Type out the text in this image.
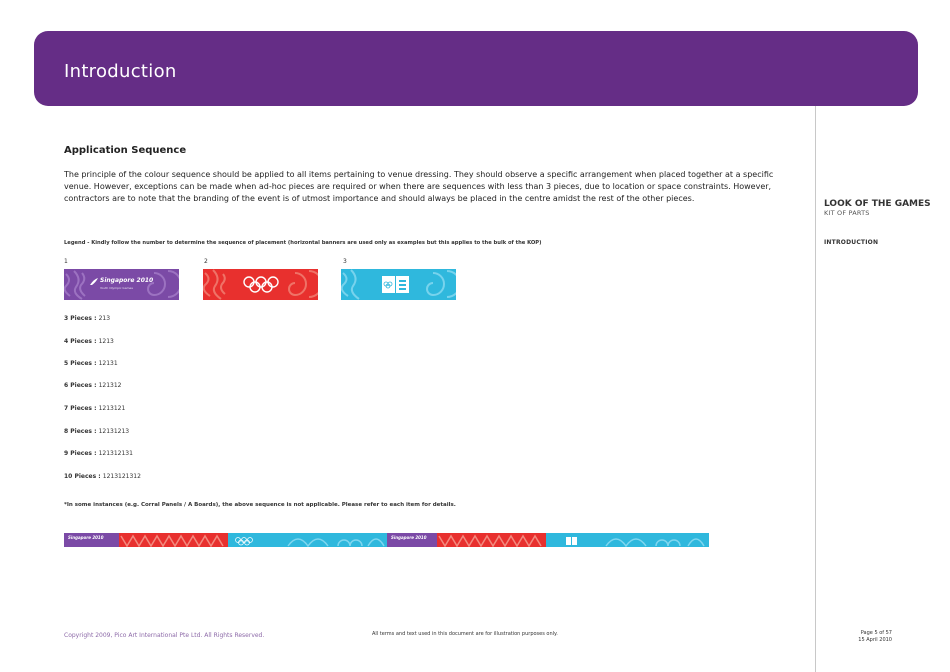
Introduction
LOOK OF THE GAMES
KIT OF PARTS
INTRODUCTION
Application Sequence
The principle of the colour sequence should be applied to all items pertaining to venue dressing. They should observe a specific arrangement when placed together at a specific venue. However, exceptions can be made when ad-hoc pieces are required or when there are sequences with less than 3 pieces, due to location or space constraints. However, contractors are to note that the branding of the event is of utmost importance and should always be placed in the centre amidst the rest of the other pieces.
Legend - Kindly follow the number to determine the sequence of placement (horizontal banners are used only as examples but this applies to the bulk of the KOP)
1	2	3
Singapore 2010
Youth Olympic Games
3 Pieces : 213
4 Pieces : 1213
5 Pieces : 12131
6 Pieces : 121312
7 Pieces : 1213121
8 Pieces : 12131213
9 Pieces : 121312131
10 Pieces : 1213121312
*In some instances (e.g. Corral Panels / A Boards), the above sequence is not applicable. Please refer to each item for details.
Singapore 2010	Singapore 2010
Copyright 2009, Pico Art International Pte Ltd. All Rights Reserved.	All terms and text used in this document are for illustration purposes only.	Page 5 of 57
15 April 2010
